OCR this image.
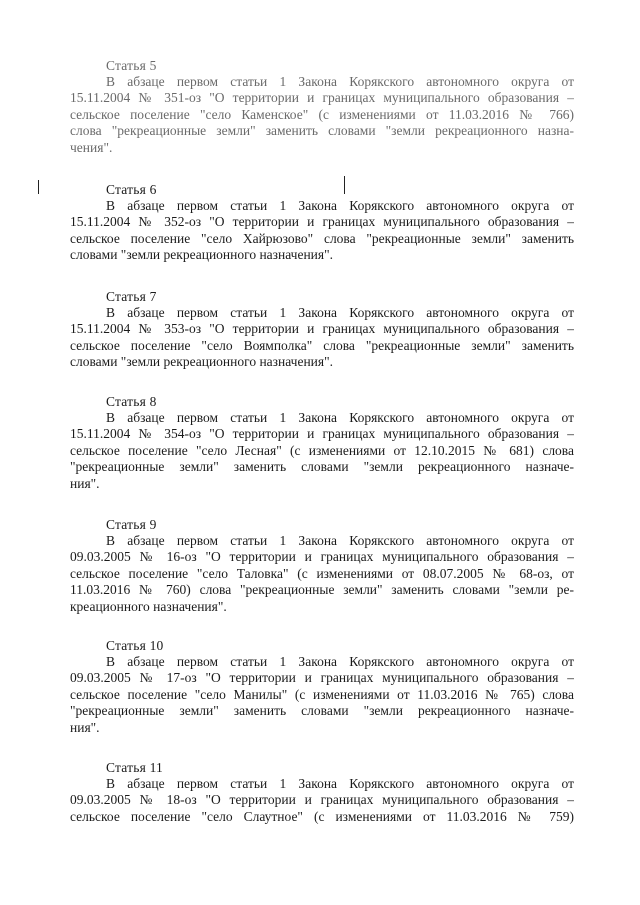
Статья 5
В абзаце первом статьи 1 Закона Корякского автономного округа от
15.11.2004 № 351-оз "О территории и границах муниципального образования –
сельское поселение "село Каменское" (с изменениями от 11.03.2016 № 766)
слова "рекреационные земли" заменить словами "земли рекреационного назна-
чения".
Статья 6
В абзаце первом статьи 1 Закона Корякского автономного округа от
15.11.2004 № 352-оз "О территории и границах муниципального образования –
сельское поселение "село Хайрюзово" слова "рекреационные земли" заменить
словами "земли рекреационного назначения".
Статья 7
В абзаце первом статьи 1 Закона Корякского автономного округа от
15.11.2004 № 353-оз "О территории и границах муниципального образования –
сельское поселение "село Воямполка" слова "рекреационные земли" заменить
словами "земли рекреационного назначения".
Статья 8
В абзаце первом статьи 1 Закона Корякского автономного округа от
15.11.2004 № 354-оз "О территории и границах муниципального образования –
сельское поселение "село Лесная" (с изменениями от 12.10.2015 № 681) слова
"рекреационные земли" заменить словами "земли рекреационного назначе-
ния".
Статья 9
В абзаце первом статьи 1 Закона Корякского автономного округа от
09.03.2005 № 16-оз "О территории и границах муниципального образования –
сельское поселение "село Таловка" (с изменениями от 08.07.2005 № 68-оз, от
11.03.2016 № 760) слова "рекреационные земли" заменить словами "земли ре-
креационного назначения".
Статья 10
В абзаце первом статьи 1 Закона Корякского автономного округа от
09.03.2005 № 17-оз "О территории и границах муниципального образования –
сельское поселение "село Манилы" (с изменениями от 11.03.2016 № 765) слова
"рекреационные земли" заменить словами "земли рекреационного назначе-
ния".
Статья 11
В абзаце первом статьи 1 Закона Корякского автономного округа от
09.03.2005 № 18-оз "О территории и границах муниципального образования –
сельское поселение "село Слаутное" (с изменениями от 11.03.2016 № 759)
